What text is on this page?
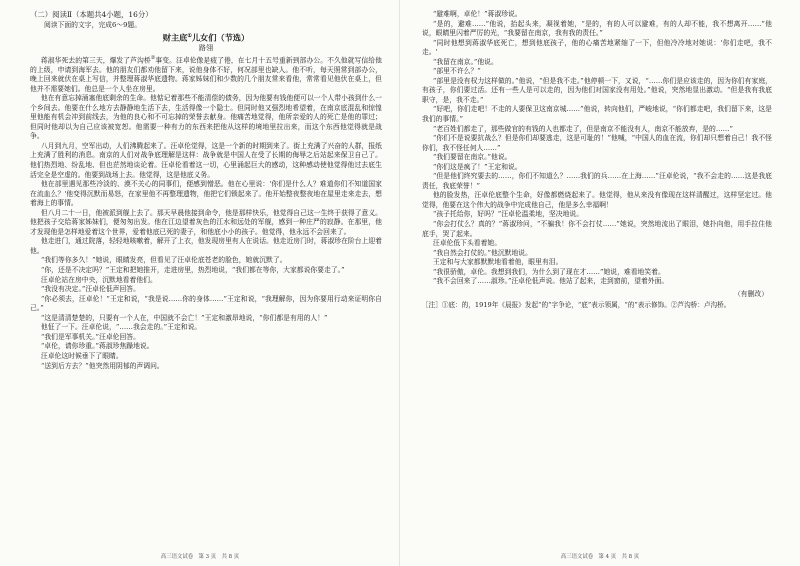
（二）阅读Ⅱ（本题共4小题，16分）
阅读下面的文字，完成6～9题。
财主底①儿女们（节选）
路翎

蒋淑华死去的第三天，爆发了芦沟桥②事变。汪卓伦像是疲了倦，在七月十五号重新到部办公。不久他就写信给他的上级，申请到海军去。他的朋友们都劝他留下来，说他身体不好，何况部里也缺人。他不听，每天照常到部办公，晚上回来就伏在桌上写信，并整理蒋淑华底遗物。蒋家姊妹们和少数的几个朋友常来看他，常常看见他伏在桌上，但他并不需要她们。他总是一个人坐在房里。

他在有意忘掉涌塞他底剩余的生命。他惦记着那些不能清偿的债务，因为他要有钱他便可以一个人带小孩到什么一个乡间去。他要在什么地方去静静地生活下去，生活得像一个隐士。但同时他又强烈地希望着，在南京底混乱和惊惶里他能有机会冲到前线去，为他的良心和不可忘掉的荣誉去献身。他痛苦地觉得，他所亲爱的人的死亡是他的罪过；但同时他却以为自己应该被宽恕。他需要一种有力的东西来把他从这样的境地里拉出来，而这个东西他觉得就是战争。

八月到九月，空军出动，人们沸腾起来了。汪卓伦觉得，这是一个新的时期到来了。街上充满了兴奋的人群，报纸上充满了胜利的消息。南京的人们对战争底理解是这样：战争就是中国人在受了长期的侮辱之后站起来保卫自己了。他们热烈地、纷乱地、但也茫然地谈论着。汪卓伦看着这一切，心里涌起巨大的感动，这种感动使他觉得他过去底生活完全是空虚的。他要到战场上去。他觉得，这是他底义务。

他在部里遇见那些冷淡的、漠不关心的同事们，便感到憎恶。他在心里说：'你们是什么人？难道你们不知道国家在流血么？'他变得沉默而易怒，在家里他不再整理遗物，他把它们锁起来了。他开始整夜整夜地在屋里走来走去，想着海上的事情。

但八月二十一日，他被派到舰上去了。那天早晨他接到命令，他是那样快乐，他觉得自己这一生终于获得了意义。他把孩子交给蒋家姊妹们，便匆匆出发。他在江边望着灰色的江水和远处的军舰，感到一种庄严的寂静。在那里，他才发现他是怎样地爱着这个世界，爱着他底已死的妻子，和他底小小的孩子。他觉得，他永远不会回来了。

他走进门，通过院落，轻轻地咳嗽着，解开了上衣，他发现房里有人在说话。他走近房门时，蒋淑珍在阶台上迎着他。

“我们等你多久！”她说，眼睛发亮，但看见了汪卓伦底苍老的脸色，她就沉默了。

“你，还是不决定吗？”王定和把她推开，走进房里，热烈地说，“我们都在等你，大家都说你要走了。”

汪卓伦站在房中央，沉默地看着他们。

“我没有决定。”汪卓伦低声回答。

“你必须去，汪卓伦！”王定和说，“我是说……你的身体……”王定和说，“我理解你，因为你要用行动来证明你自己。”

“这是清清楚楚的，只要有一个人在，中国就不会亡！”王定和激昂地说，“你们都是有用的人！”

他怔了一下。汪卓伦说，“……我会走的。”王定和说。

“我们是军事机关。”汪卓伦回答。

“卓伦，请你珍重。”蒋淑珍焦躁地说。

汪卓伦这时候垂下了眼睛。

“送到后方去？”他突然用阴郁的声调问。

高三语文试卷　第 3 页　共 8 页

“避难啊，卓伦！”蒋淑珍说。

“是的，避难……”他说，抬起头来，凝视着她，“是的，有的人可以避难，有的人却不能，我不想离开……”他说，眼睛里闪着严厉的光，“我要留在南京，我有我的责任。”

“同时他想到蒋淑华底死亡，想到他底孩子，他的心痛苦地紧缩了一下，但他冷冷地对她说：'你们走吧，我不走。'

“我留在南京。”他说。

“部里不许么？”

“部里是没有权力这样做的。”他说，“但是我不走。”他停顿一下，又说，“……你们是应该走的，因为你们有家庭，有孩子，你们要过活。还有一些人是可以走的，因为他们对国家没有用处。”他说，突然地显出激动。“但是我有我底职守，是，我不走。”

“好吧，你们走吧！不走的人要保卫这南京城……”他说，转向他们，严峻地说，“你们都走吧，我们留下来，这是我们的事情。”

“老百姓们都走了，那些做官的有钱的人也都走了，但是南京不能没有人，南京不能放弃，是的……”

“你们不是说要抗战么？但是你们却要逃走，这是可耻的！”他喊，“中国人的血在流，你们却只想着自己！我不怪你们，我不怪任何人……”

“我们要留在南京。”他说。

“你们这是疯了！”王定和说。

“但是他们终究要去的……，你们不知道么？……我们的兵……在上海……”汪卓伦说，“我不会走的……这是我底责任，我底荣誉！”

他的脸发热，汪卓伦底整个生命，好像都燃烧起来了。他觉得，他从来没有像现在这样清醒过，这样坚定过。他觉得，他要在这个伟大的战争中完成他自己，他是多么幸福啊！

“孩子托给你，好吗？”汪卓伦温柔地，坚决地说。

“你会打仗么？真的？”蒋淑珍问，“不骗我！你不会打仗……”她说，突然地流出了眼泪，她扑向他，用手拉住他底手，哭了起来。

汪卓伦低下头看着她。

“我自然会打仗的。”他沉默地说。

王定和与大家都默默地看着他，眼里有泪。

“我很骄傲，卓伦。我想到我们，为什么到了现在才……”她说，难看地笑着。

“我不会回来了……淑珍。”汪卓伦低声说。他站了起来，走到窗前，望着外面。

（有删改）

［注］①底：的，1919年《晨报》发起“的”字争论，“底”表示领属，“的”表示修饰。②芦沟桥：卢沟桥。

高三语文试卷　第 4 页　共 8 页
